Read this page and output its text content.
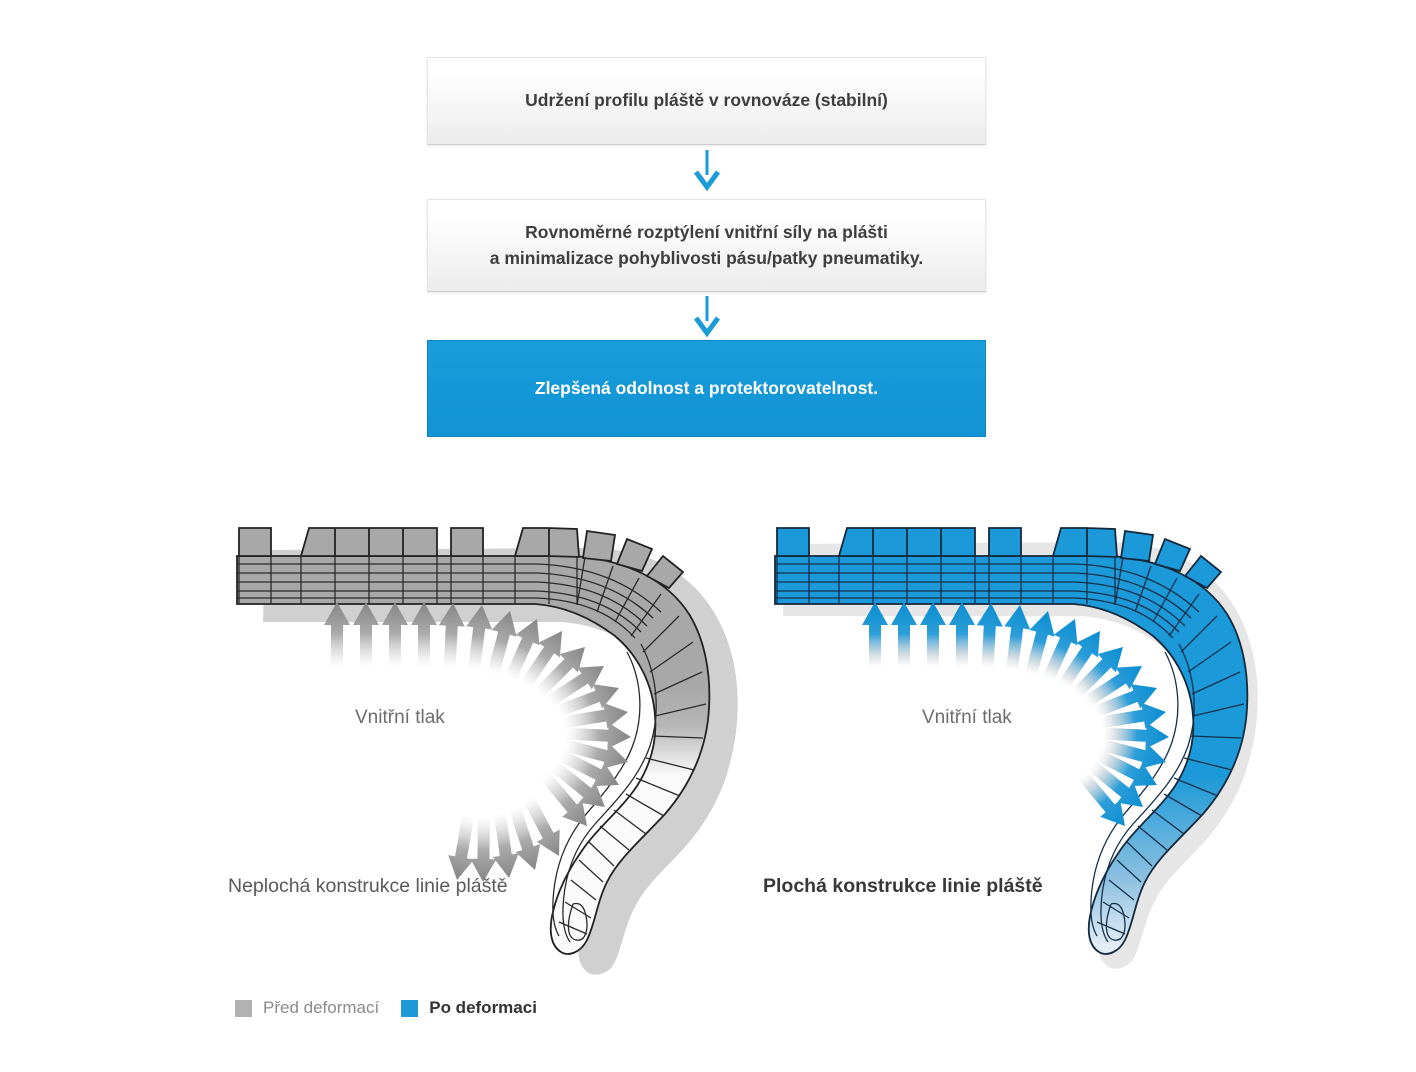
Udržení profilu pláště v rovnováze (stabilní)
Rovnoměrné rozptýlení vnitřní síly na plášti
a minimalizace pohyblivosti pásu/patky pneumatiky.
Zlepšená odolnost a protektorovatelnost.
Vnitřní tlak	Vnitřní tlak
Neplochá konstrukce linie pláště	Plochá konstrukce linie pláště
Před deformací	Po deformaci
